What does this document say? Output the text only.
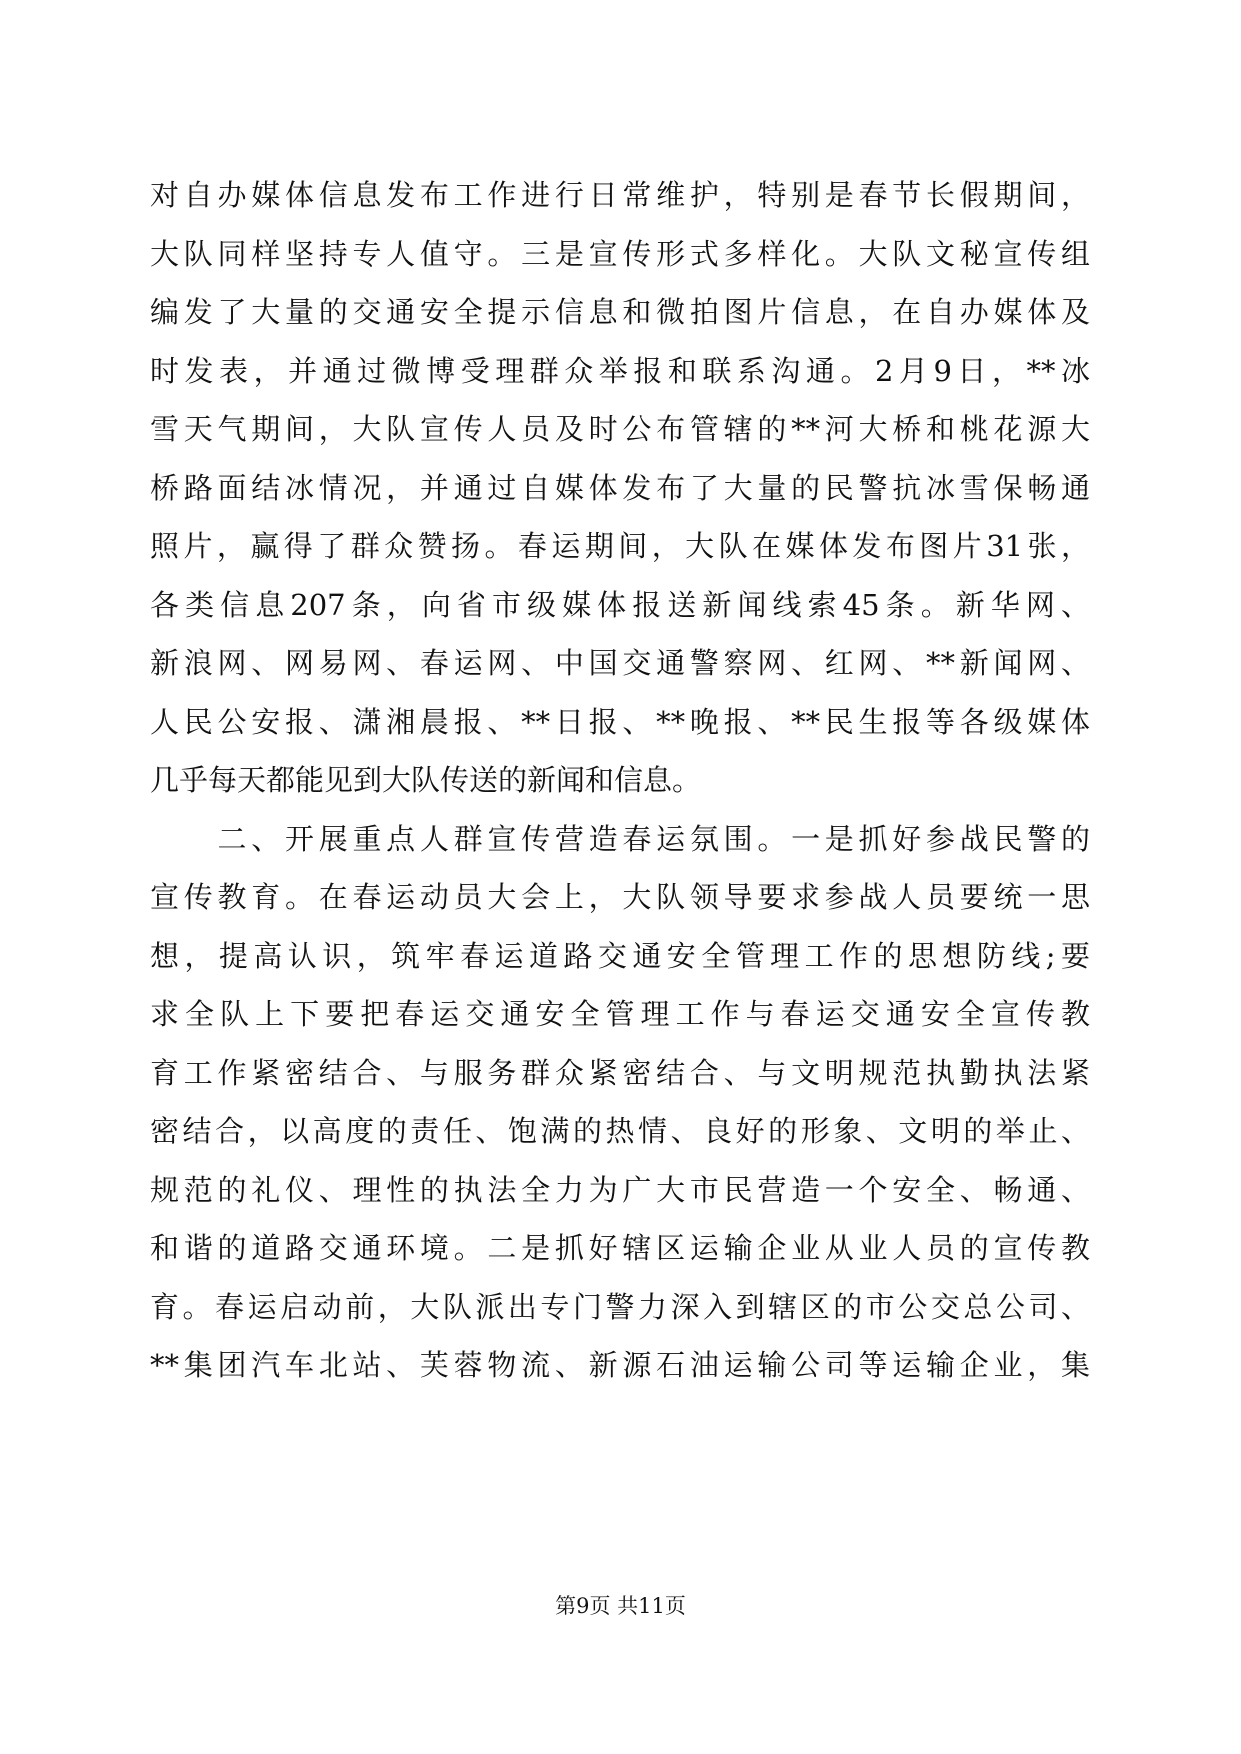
对自办媒体信息发布工作进行日常维护，特别是春节长假期间，
大队同样坚持专人值守。三是宣传形式多样化。大队文秘宣传组
编发了大量的交通安全提示信息和微拍图片信息，在自办媒体及
时发表，并通过微博受理群众举报和联系沟通。2月9日，**冰
雪天气期间，大队宣传人员及时公布管辖的**河大桥和桃花源大
桥路面结冰情况，并通过自媒体发布了大量的民警抗冰雪保畅通
照片，赢得了群众赞扬。春运期间，大队在媒体发布图片31张，
各类信息207条，向省市级媒体报送新闻线索45条。新华网、
新浪网、网易网、春运网、中国交通警察网、红网、**新闻网、
人民公安报、潇湘晨报、**日报、**晚报、**民生报等各级媒体
几乎每天都能见到大队传送的新闻和信息。
　　二、开展重点人群宣传营造春运氛围。一是抓好参战民警的
宣传教育。在春运动员大会上，大队领导要求参战人员要统一思
想，提高认识，筑牢春运道路交通安全管理工作的思想防线;要
求全队上下要把春运交通安全管理工作与春运交通安全宣传教
育工作紧密结合、与服务群众紧密结合、与文明规范执勤执法紧
密结合，以高度的责任、饱满的热情、良好的形象、文明的举止、
规范的礼仪、理性的执法全力为广大市民营造一个安全、畅通、
和谐的道路交通环境。二是抓好辖区运输企业从业人员的宣传教
育。春运启动前，大队派出专门警力深入到辖区的市公交总公司、
**集团汽车北站、芙蓉物流、新源石油运输公司等运输企业，集
第9页 共11页
